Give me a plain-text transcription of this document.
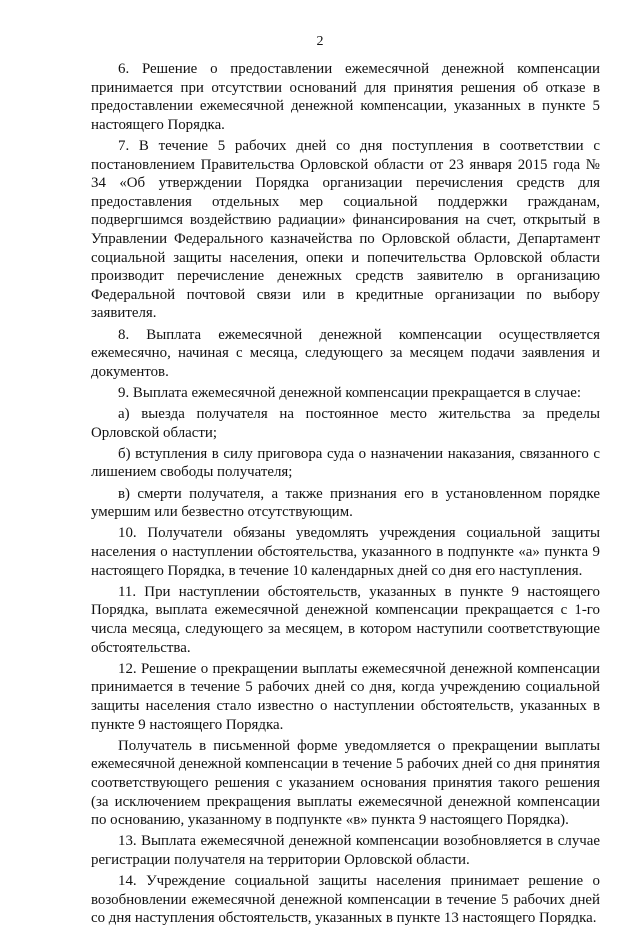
2

6. Решение о предоставлении ежемесячной денежной компенсации принимается при отсутствии оснований для принятия решения об отказе в предоставлении ежемесячной денежной компенсации, указанных в пункте 5 настоящего Порядка.

7. В течение 5 рабочих дней со дня поступления в соответствии с постановлением Правительства Орловской области от 23 января 2015 года № 34 «Об утверждении Порядка организации перечисления средств для предоставления отдельных мер социальной поддержки гражданам, подвергшимся воздействию радиации» финансирования на счет, открытый в Управлении Федерального казначейства по Орловской области, Департамент социальной защиты населения, опеки и попечительства Орловской области производит перечисление денежных средств заявителю в организацию Федеральной почтовой связи или в кредитные организации по выбору заявителя.

8. Выплата ежемесячной денежной компенсации осуществляется ежемесячно, начиная с месяца, следующего за месяцем подачи заявления и документов.

9. Выплата ежемесячной денежной компенсации прекращается в случае:

а) выезда получателя на постоянное место жительства за пределы Орловской области;

б) вступления в силу приговора суда о назначении наказания, связанного с лишением свободы получателя;

в) смерти получателя, а также признания его в установленном порядке умершим или безвестно отсутствующим.

10. Получатели обязаны уведомлять учреждения социальной защиты населения о наступлении обстоятельства, указанного в подпункте «а» пункта 9 настоящего Порядка, в течение 10 календарных дней со дня его наступления.

11. При наступлении обстоятельств, указанных в пункте 9 настоящего Порядка, выплата ежемесячной денежной компенсации прекращается с 1-го числа месяца, следующего за месяцем, в котором наступили соответствующие обстоятельства.

12. Решение о прекращении выплаты ежемесячной денежной компенсации принимается в течение 5 рабочих дней со дня, когда учреждению социальной защиты населения стало известно о наступлении обстоятельств, указанных в пункте 9 настоящего Порядка.

Получатель в письменной форме уведомляется о прекращении выплаты ежемесячной денежной компенсации в течение 5 рабочих дней со дня принятия соответствующего решения с указанием основания принятия такого решения (за исключением прекращения выплаты ежемесячной денежной компенсации по основанию, указанному в подпункте «в» пункта 9 настоящего Порядка).

13. Выплата ежемесячной денежной компенсации возобновляется в случае регистрации получателя на территории Орловской области.

14. Учреждение социальной защиты населения принимает решение о возобновлении ежемесячной денежной компенсации в течение 5 рабочих дней со дня наступления обстоятельств, указанных в пункте 13 настоящего Порядка.
